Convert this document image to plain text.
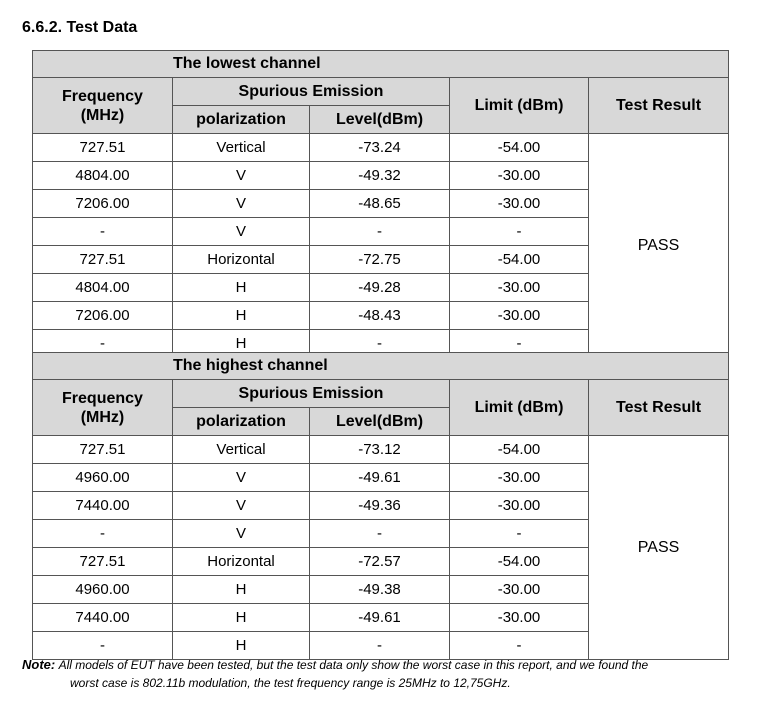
6.6.2. Test Data
The lowest channel				
Frequency
(MHz)	Spurious Emission		Limit (dBm)	Test Result
	polarization	Level(dBm)		
727.51	Vertical	-73.24	-54.00	PASS
4804.00	V	-49.32	-30.00	
7206.00	V	-48.65	-30.00	
-	V	-	-	
727.51	Horizontal	-72.75	-54.00	
4804.00	H	-49.28	-30.00	
7206.00	H	-48.43	-30.00	
-	H	-	-	
The highest channel				
Frequency
(MHz)	Spurious Emission		Limit (dBm)	Test Result
	polarization	Level(dBm)		
727.51	Vertical	-73.12	-54.00	PASS
4960.00	V	-49.61	-30.00	
7440.00	V	-49.36	-30.00	
-	V	-	-	
727.51	Horizontal	-72.57	-54.00	
4960.00	H	-49.38	-30.00	
7440.00	H	-49.61	-30.00	
-	H	-	-	
Note: All models of EUT have been tested, but the test data only show the worst case in this report, and we found the
worst case is 802.11b modulation, the test frequency range is 25MHz to 12,75GHz.
